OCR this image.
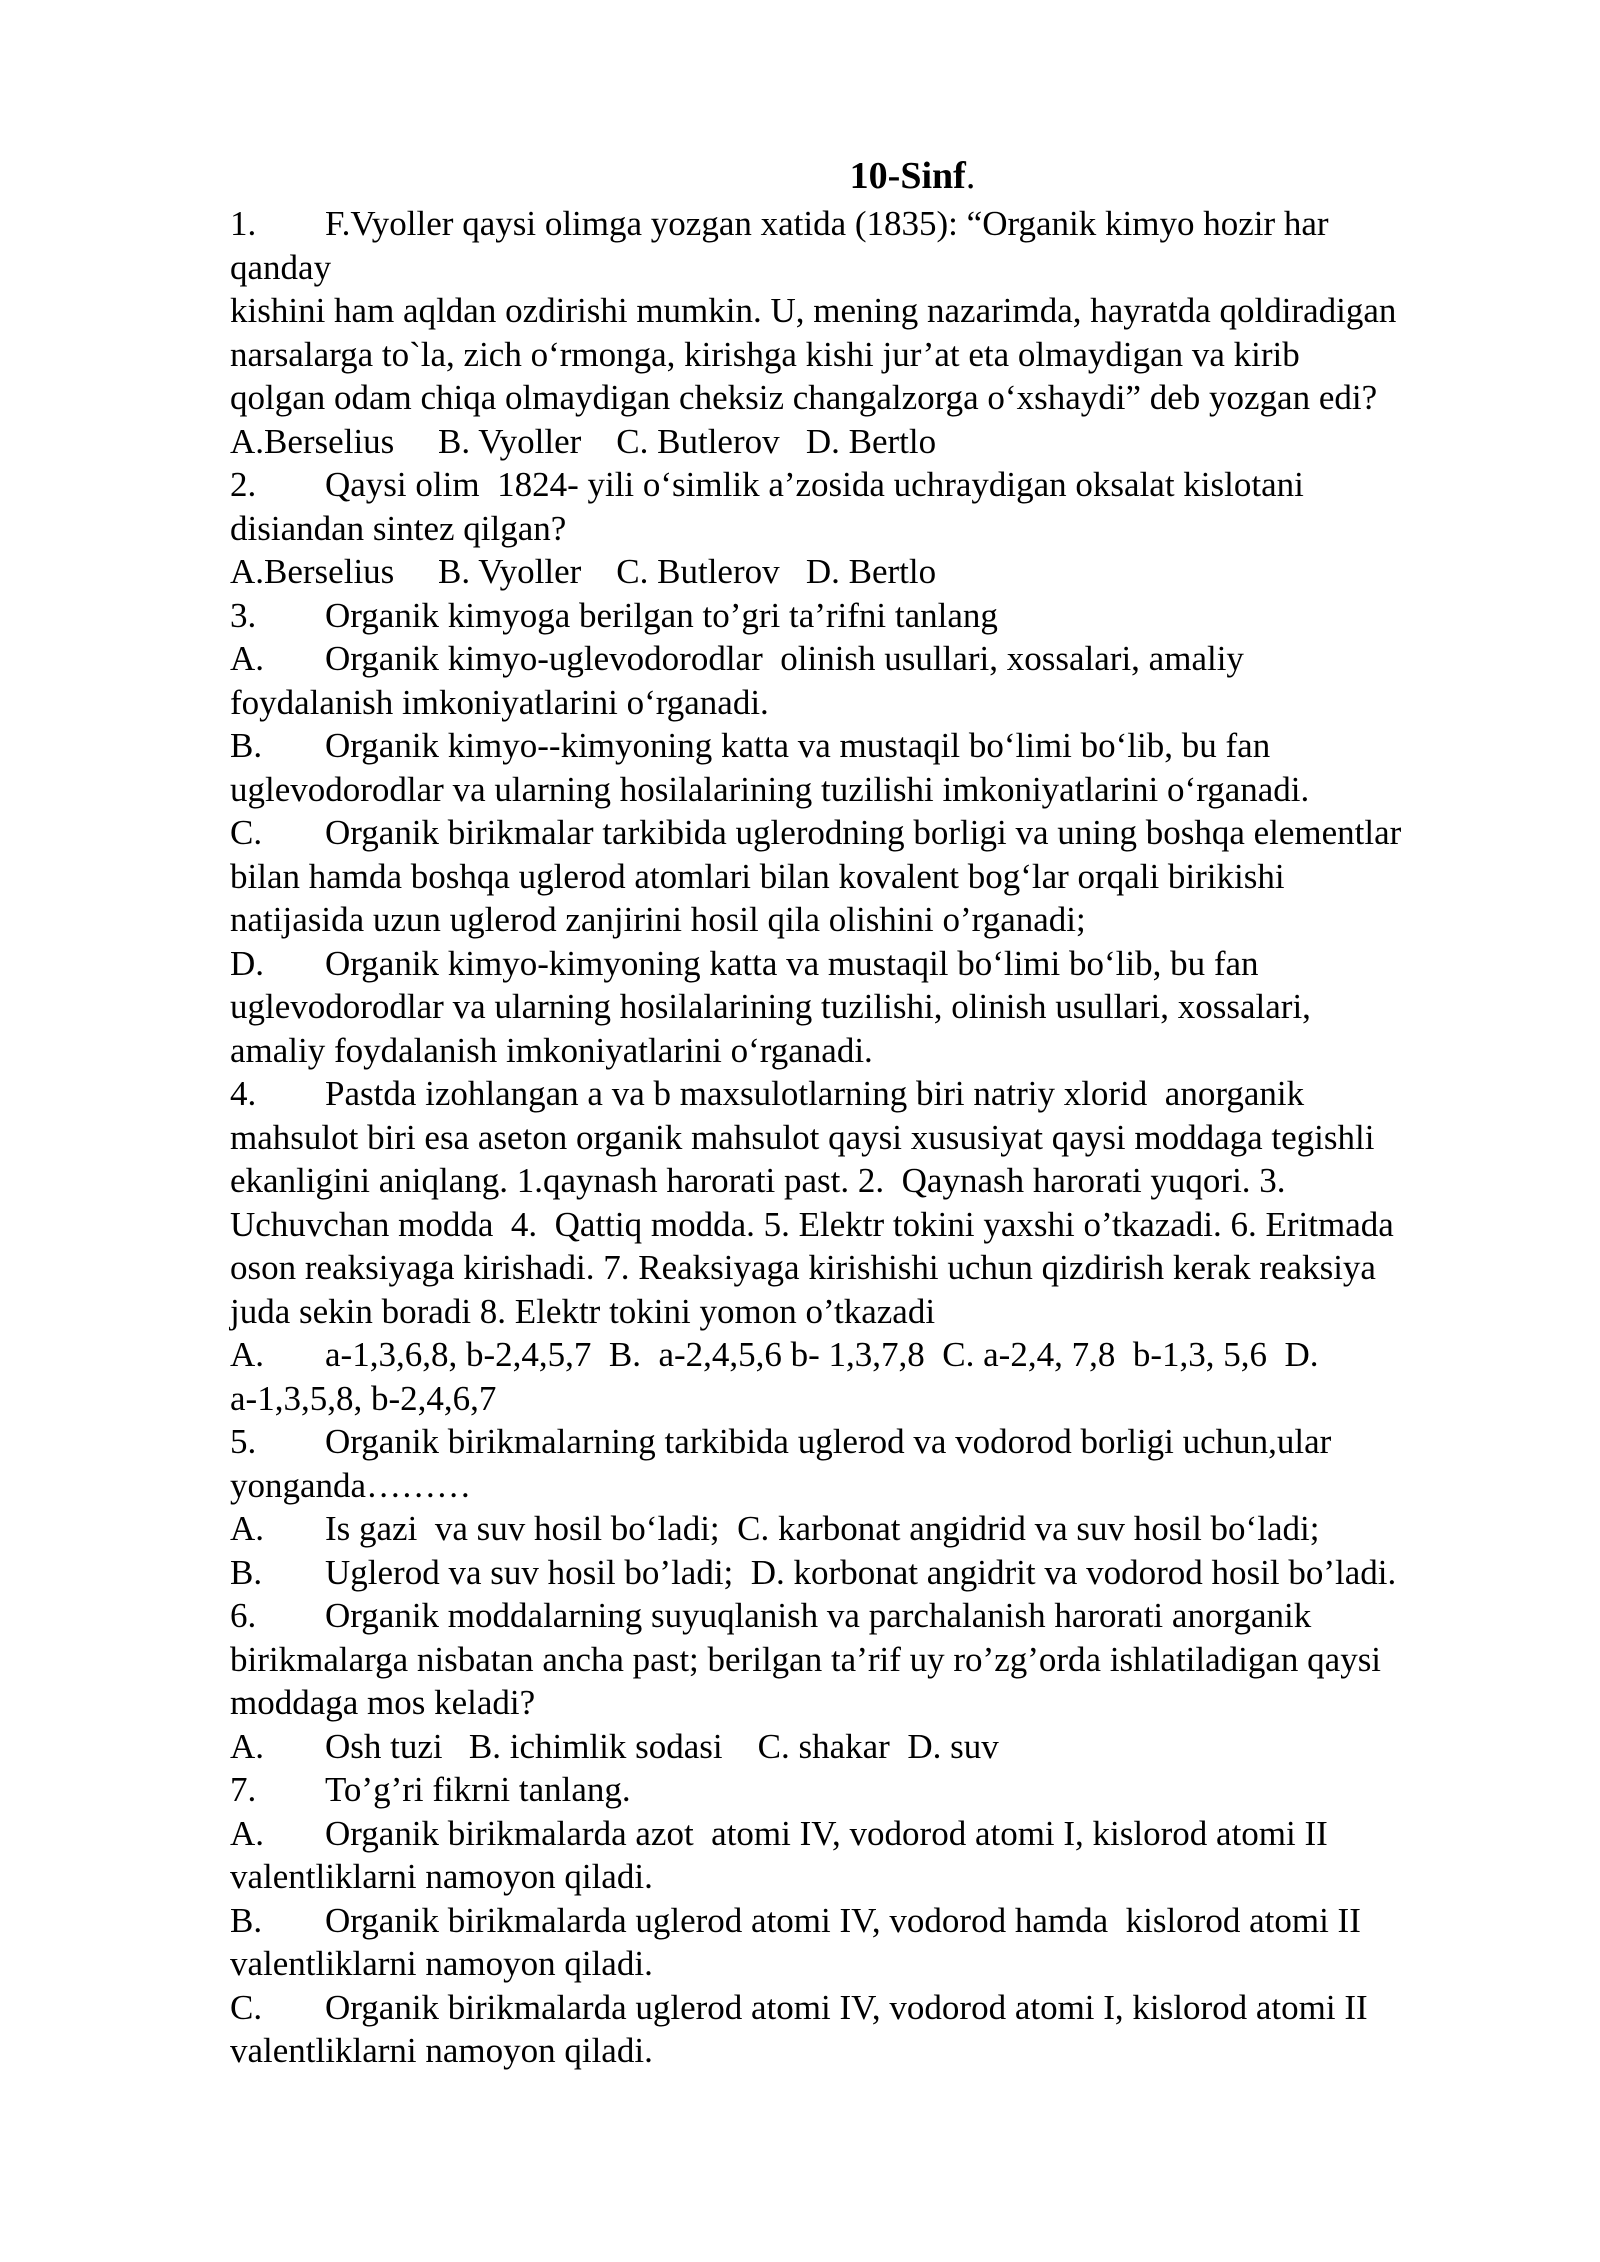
10-Sinf.
1. F.Vyoller qaysi olimga yozgan xatida (1835): “Organik kimyo hozir har
qanday
kishini ham aqldan ozdirishi mumkin. U, mening nazarimda, hayratda qoldiradigan
narsalarga to`la, zich o‘rmonga, kirishga kishi jur’at eta olmaydigan va kirib
qolgan odam chiqa olmaydigan cheksiz changalzorga o‘xshaydi” deb yozgan edi?
A.Berselius     B. Vyoller    C. Butlerov   D. Bertlo
2. Qaysi olim  1824- yili o‘simlik a’zosida uchraydigan oksalat kislotani
disiandan sintez qilgan?
A.Berselius     B. Vyoller    C. Butlerov   D. Bertlo
3. Organik kimyoga berilgan to’gri ta’rifni tanlang
A. Organik kimyo-uglevodorodlar  olinish usullari, xossalari, amaliy
foydalanish imkoniyatlarini o‘rganadi.
B. Organik kimyo--kimyoning katta va mustaqil bo‘limi bo‘lib, bu fan
uglevodorodlar va ularning hosilalarining tuzilishi imkoniyatlarini o‘rganadi.
C. Organik birikmalar tarkibida uglerodning borligi va uning boshqa elementlar
bilan hamda boshqa uglerod atomlari bilan kovalent bog‘lar orqali birikishi
natijasida uzun uglerod zanjirini hosil qila olishini o’rganadi;
D. Organik kimyo-kimyoning katta va mustaqil bo‘limi bo‘lib, bu fan
uglevodorodlar va ularning hosilalarining tuzilishi, olinish usullari, xossalari,
amaliy foydalanish imkoniyatlarini o‘rganadi.
4. Pastda izohlangan a va b maxsulotlarning biri natriy xlorid  anorganik
mahsulot biri esa aseton organik mahsulot qaysi xususiyat qaysi moddaga tegishli
ekanligini aniqlang. 1.qaynash harorati past. 2.  Qaynash harorati yuqori. 3.
Uchuvchan modda  4.  Qattiq modda. 5. Elektr tokini yaxshi o’tkazadi. 6. Eritmada
oson reaksiyaga kirishadi. 7. Reaksiyaga kirishishi uchun qizdirish kerak reaksiya
juda sekin boradi 8. Elektr tokini yomon o’tkazadi
A. a-1,3,6,8, b-2,4,5,7  B.  a-2,4,5,6 b- 1,3,7,8  C. a-2,4, 7,8  b-1,3, 5,6  D.
a-1,3,5,8, b-2,4,6,7
5. Organik birikmalarning tarkibida uglerod va vodorod borligi uchun,ular
yonganda………
A. Is gazi  va suv hosil bo‘ladi;  C. karbonat angidrid va suv hosil bo‘ladi;
B. Uglerod va suv hosil bo’ladi;  D. korbonat angidrit va vodorod hosil bo’ladi.
6. Organik moddalarning suyuqlanish va parchalanish harorati anorganik
birikmalarga nisbatan ancha past; berilgan ta’rif uy ro’zg’orda ishlatiladigan qaysi
moddaga mos keladi?
A. Osh tuzi   B. ichimlik sodasi    C. shakar  D. suv
7. To’g’ri fikrni tanlang.
A. Organik birikmalarda azot  atomi IV, vodorod atomi I, kislorod atomi II
valentliklarni namoyon qiladi.
B. Organik birikmalarda uglerod atomi IV, vodorod hamda  kislorod atomi II
valentliklarni namoyon qiladi.
C. Organik birikmalarda uglerod atomi IV, vodorod atomi I, kislorod atomi II
valentliklarni namoyon qiladi.
